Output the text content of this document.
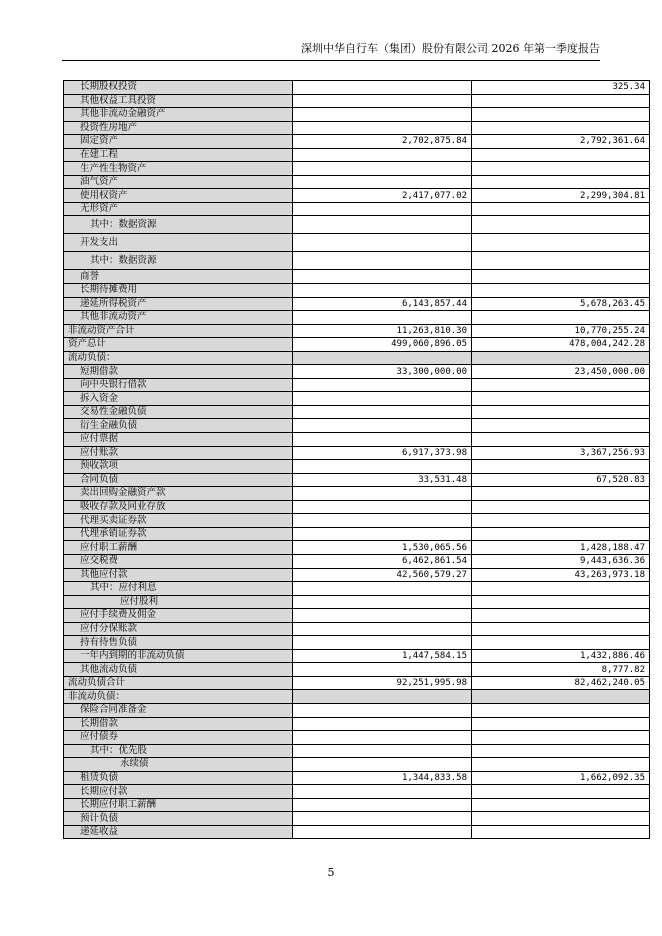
深圳中华自行车（集团）股份有限公司 2026 年第一季度报告
长期股权投资		325.34
其他权益工具投资		
其他非流动金融资产		
投资性房地产		
固定资产	2,702,875.84	2,792,361.64
在建工程		
生产性生物资产		
油气资产		
使用权资产	2,417,077.02	2,299,304.81
无形资产		
其中：数据资源		
开发支出		
其中：数据资源		
商誉		
长期待摊费用		
递延所得税资产	6,143,857.44	5,678,263.45
其他非流动资产		
非流动资产合计	11,263,810.30	10,770,255.24
资产总计	499,060,896.05	478,004,242.28
流动负债：		
短期借款	33,300,000.00	23,450,000.00
向中央银行借款		
拆入资金		
交易性金融负债		
衍生金融负债		
应付票据		
应付账款	6,917,373.98	3,367,256.93
预收款项		
合同负债	33,531.48	67,520.83
卖出回购金融资产款		
吸收存款及同业存放		
代理买卖证券款		
代理承销证券款		
应付职工薪酬	1,530,065.56	1,428,188.47
应交税费	6,462,861.54	9,443,636.36
其他应付款	42,560,579.27	43,263,973.18
其中：应付利息		
应付股利		
应付手续费及佣金		
应付分保账款		
持有待售负债		
一年内到期的非流动负债	1,447,584.15	1,432,886.46
其他流动负债		8,777.82
流动负债合计	92,251,995.98	82,462,240.05
非流动负债：		
保险合同准备金		
长期借款		
应付债券		
其中：优先股		
永续债		
租赁负债	1,344,833.58	1,662,092.35
长期应付款		
长期应付职工薪酬		
预计负债		
递延收益		
5
